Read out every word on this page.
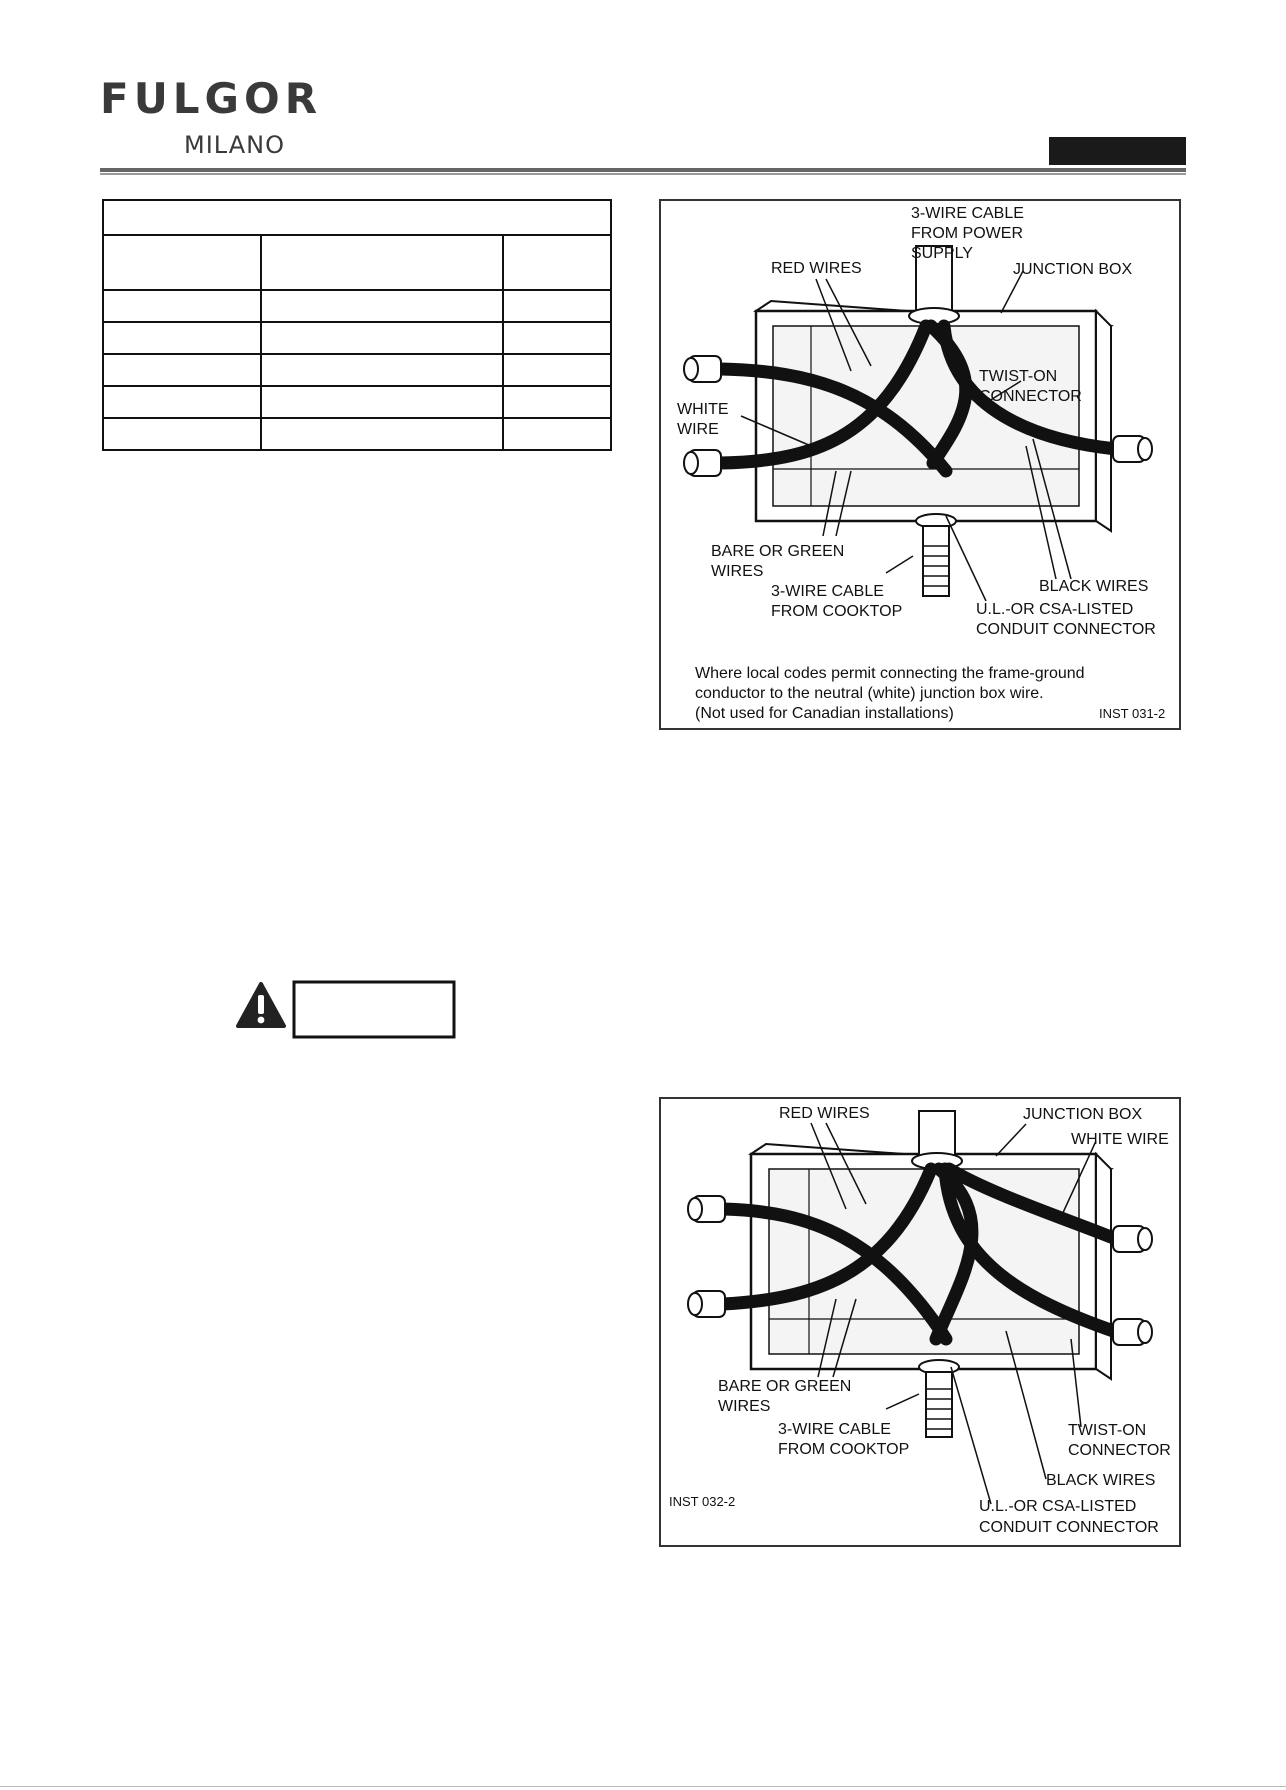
FULGOR
MILANO

3-WIRE CABLE
FROM POWER
SUPPLY
RED WIRES	JUNCTION BOX
TWIST-ON
CONNECTOR
WHITE
WIRE
BARE OR GREEN
WIRES
BLACK WIRES
3-WIRE CABLE
FROM COOKTOP	U.L.-OR CSA-LISTED
CONDUIT CONNECTOR
Where local codes permit connecting the frame-ground
conductor to the neutral (white) junction box wire.
(Not used for Canadian installations)	INST 031-2
RED WIRES	JUNCTION BOX
WHITE WIRE
BARE OR GREEN
WIRES
3-WIRE CABLE
FROM COOKTOP
TWIST-ON
CONNECTOR
BLACK WIRES
INST 032-2	U.L.-OR CSA-LISTED
CONDUIT CONNECTOR
